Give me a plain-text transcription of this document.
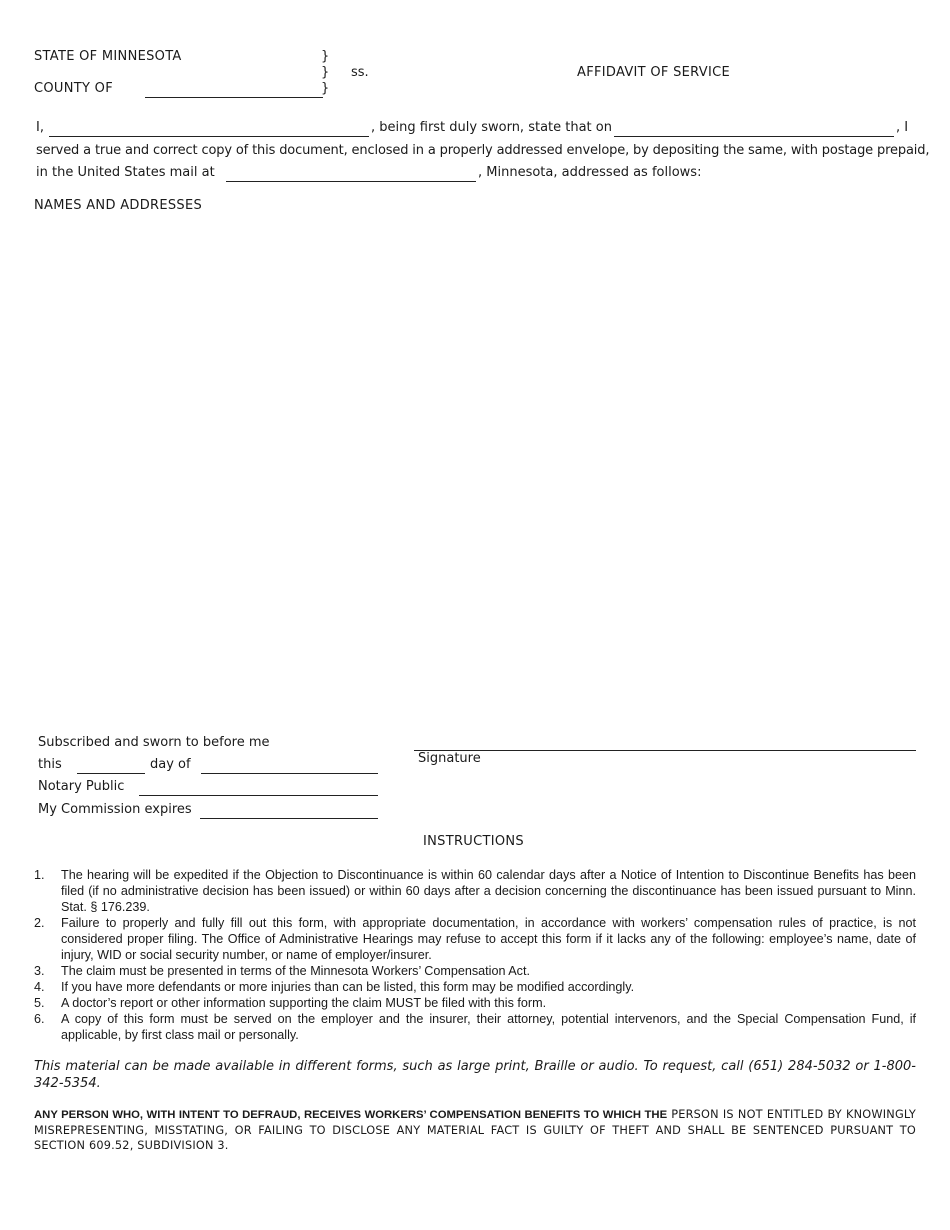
STATE OF MINNESOTA
COUNTY OF
}
}
}
ss.	AFFIDAVIT OF SERVICE
I,	, being first duly sworn, state that on	, I
served a true and correct copy of this document, enclosed in a properly addressed envelope, by depositing the same, with postage prepaid,
in the United States mail at	, Minnesota, addressed as follows:
NAMES AND ADDRESSES
Subscribed and sworn to before me
this	day of
Notary Public
My Commission expires
Signature
INSTRUCTIONS
1.	The hearing will be expedited if the Objection to Discontinuance is within 60 calendar days after a Notice of Intention to Discontinue Benefits has been filed (if no administrative decision has been issued) or within 60 days after a decision concerning the discontinuance has been issued pursuant to Minn. Stat. § 176.239.
2.	Failure to properly and fully fill out this form, with appropriate documentation, in accordance with workers’ compensation rules of practice, is not considered proper filing. The Office of Administrative Hearings may refuse to accept this form if it lacks any of the following: employee’s name, date of injury, WID or social security number, or name of employer/insurer.
3.	The claim must be presented in terms of the Minnesota Workers’ Compensation Act.
4.	If you have more defendants or more injuries than can be listed, this form may be modified accordingly.
5.	A doctor’s report or other information supporting the claim MUST be filed with this form.
6.	A copy of this form must be served on the employer and the insurer, their attorney, potential intervenors, and the Special Compensation Fund, if applicable, by first class mail or personally.
This material can be made available in different forms, such as large print, Braille or audio. To request, call (651) 284-5032 or 1-800-342-5354.
ANY PERSON WHO, WITH INTENT TO DEFRAUD, RECEIVES WORKERS’ COMPENSATION BENEFITS TO WHICH THE PERSON IS NOT ENTITLED BY KNOWINGLY MISREPRESENTING, MISSTATING, OR FAILING TO DISCLOSE ANY MATERIAL FACT IS GUILTY OF THEFT AND SHALL BE SENTENCED PURSUANT TO SECTION 609.52, SUBDIVISION 3.
